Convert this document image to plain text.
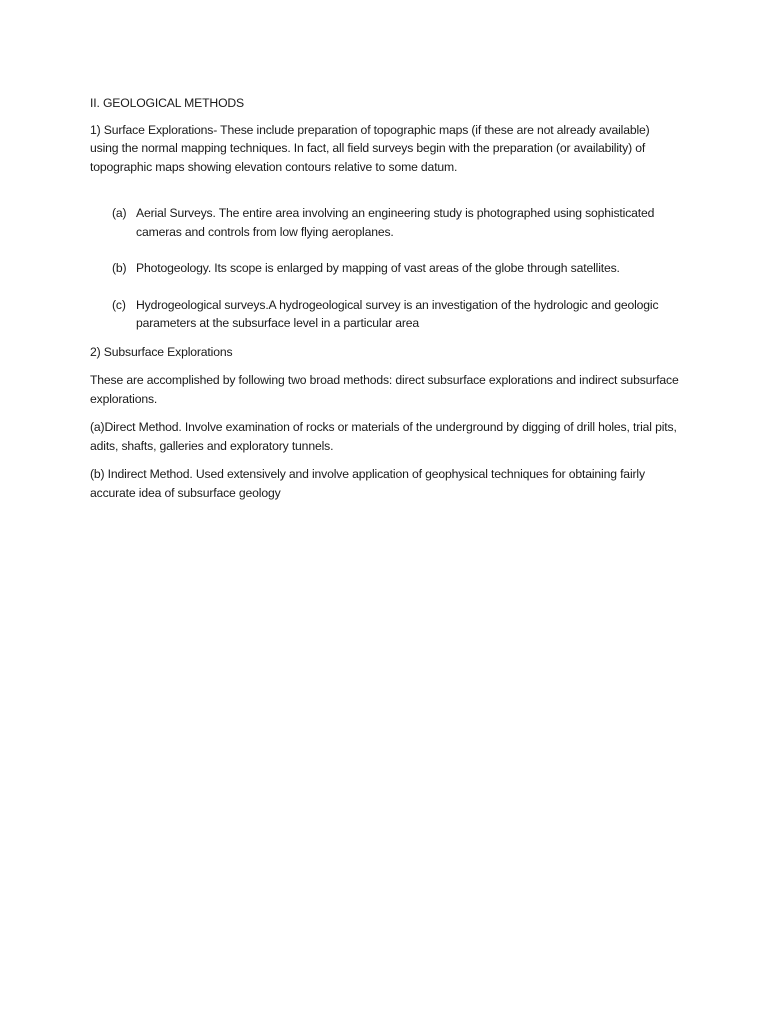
II. GEOLOGICAL METHODS

1) Surface Explorations- These include preparation of topographic maps (if these are not already available) using the normal mapping techniques. In fact, all field surveys begin with the preparation (or availability) of topographic maps showing elevation contours relative to some datum.

(a) Aerial Surveys. The entire area involving an engineering study is photographed using sophisticated cameras and controls from low flying aeroplanes.
(b) Photogeology. Its scope is enlarged by mapping of vast areas of the globe through satellites.
(c) Hydrogeological surveys.A hydrogeological survey is an investigation of the hydrologic and geologic parameters at the subsurface level in a particular area

2) Subsurface Explorations

These are accomplished by following two broad methods: direct subsurface explorations and indirect subsurface explorations.

(a)Direct Method. Involve examination of rocks or materials of the underground by digging of drill holes, trial pits, adits, shafts, galleries and exploratory tunnels.

(b) Indirect Method. Used extensively and involve application of geophysical techniques for obtaining fairly accurate idea of subsurface geology
